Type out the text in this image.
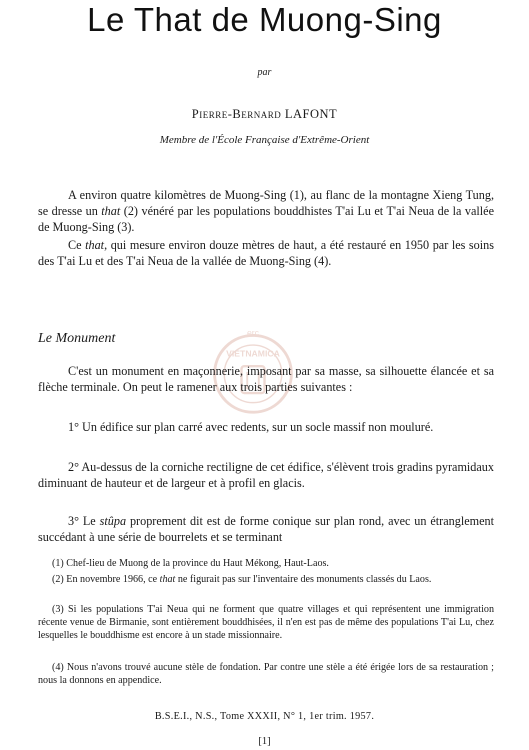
Le That de Muong-Sing
par
Pierre-Bernard LAFONT
Membre de l'École Française d'Extrême-Orient
A environ quatre kilomètres de Muong-Sing (1), au flanc de la montagne Xieng Tung, se dresse un that (2) vénéré par les populations bouddhistes T'ai Lu et T'ai Neua de la vallée de Muong-Sing (3).
Ce that, qui mesure environ douze mètres de haut, a été restauré en 1950 par les soins des T'ai Lu et des T'ai Neua de la vallée de Muong-Sing (4).
Le Monument	erc
VIETNAMICA
C'est un monument en maçonnerie, imposant par sa masse, sa silhouette élancée et sa flèche terminale. On peut le ramener aux trois parties suivantes :
1° Un édifice sur plan carré avec redents, sur un socle massif non mouluré.
2° Au-dessus de la corniche rectiligne de cet édifice, s'élèvent trois gradins pyramidaux diminuant de hauteur et de largeur et à profil en glacis.
3° Le stûpa proprement dit est de forme conique sur plan rond, avec un étranglement succédant à une série de bourrelets et se terminant
(1) Chef-lieu de Muong de la province du Haut Mékong, Haut-Laos.
(2) En novembre 1966, ce that ne figurait pas sur l'inventaire des monuments classés du Laos.
(3) Si les populations T'ai Neua qui ne forment que quatre villages et qui représentent une immigration récente venue de Birmanie, sont entièrement bouddhisées, il n'en est pas de même des populations T'ai Lu, chez lesquelles le bouddhisme est encore à un stade missionnaire.
(4) Nous n'avons trouvé aucune stèle de fondation. Par contre une stèle a été érigée lors de sa restauration ; nous la donnons en appendice.
B.S.E.I., N.S., Tome XXXII, N° 1, 1er trim. 1957.
[1]
